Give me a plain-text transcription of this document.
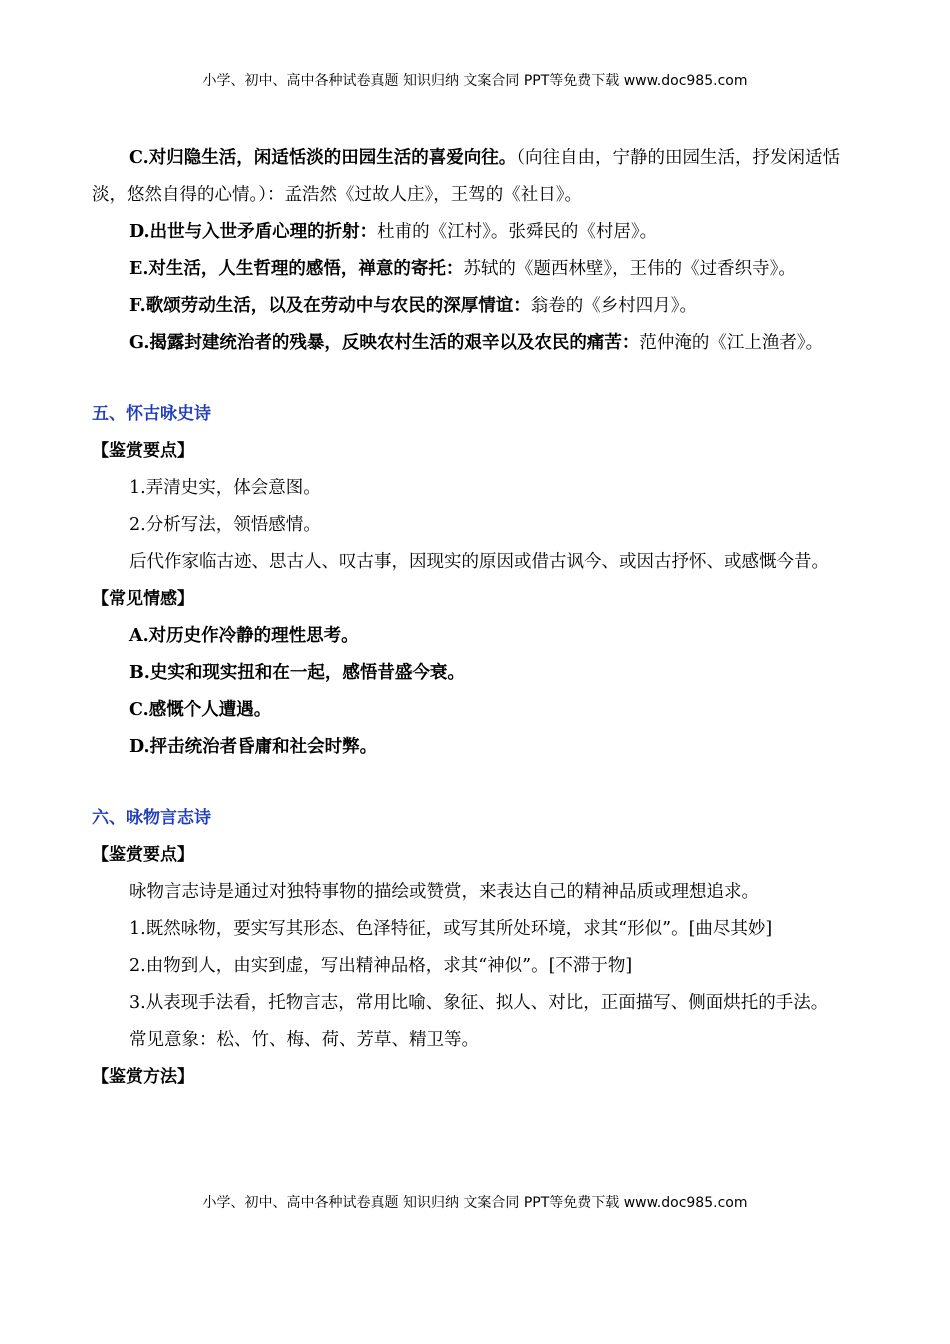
小学、初中、高中各种试卷真题 知识归纳 文案合同 PPT等免费下载 www.doc985.com

C.对归隐生活，闲适恬淡的田园生活的喜爱向往。（向往自由，宁静的田园生活，抒发闲适恬淡，悠然自得的心情。）：孟浩然《过故人庄》，王驾的《社日》。

D.出世与入世矛盾心理的折射：杜甫的《江村》。张舜民的《村居》。

E.对生活，人生哲理的感悟，禅意的寄托：苏轼的《题西林壁》，王伟的《过香织寺》。

F.歌颂劳动生活，以及在劳动中与农民的深厚情谊：翁卷的《乡村四月》。

G.揭露封建统治者的残暴，反映农村生活的艰辛以及农民的痛苦：范仲淹的《江上渔者》。

五、怀古咏史诗

【鉴赏要点】

1.弄清史实，体会意图。

2.分析写法，领悟感情。

后代作家临古迹、思古人、叹古事，因现实的原因或借古讽今、或因古抒怀、或感慨今昔。

【常见情感】

A.对历史作冷静的理性思考。

B.史实和现实扭和在一起，感悟昔盛今衰。

C.感慨个人遭遇。

D.抨击统治者昏庸和社会时弊。

六、咏物言志诗

【鉴赏要点】

咏物言志诗是通过对独特事物的描绘或赞赏，来表达自己的精神品质或理想追求。

1.既然咏物，要实写其形态、色泽特征，或写其所处环境，求其“形似”。[曲尽其妙]

2.由物到人，由实到虚，写出精神品格，求其“神似”。[不滞于物]

3.从表现手法看，托物言志，常用比喻、象征、拟人、对比，正面描写、侧面烘托的手法。

常见意象：松、竹、梅、荷、芳草、精卫等。

【鉴赏方法】

小学、初中、高中各种试卷真题 知识归纳 文案合同 PPT等免费下载 www.doc985.com
